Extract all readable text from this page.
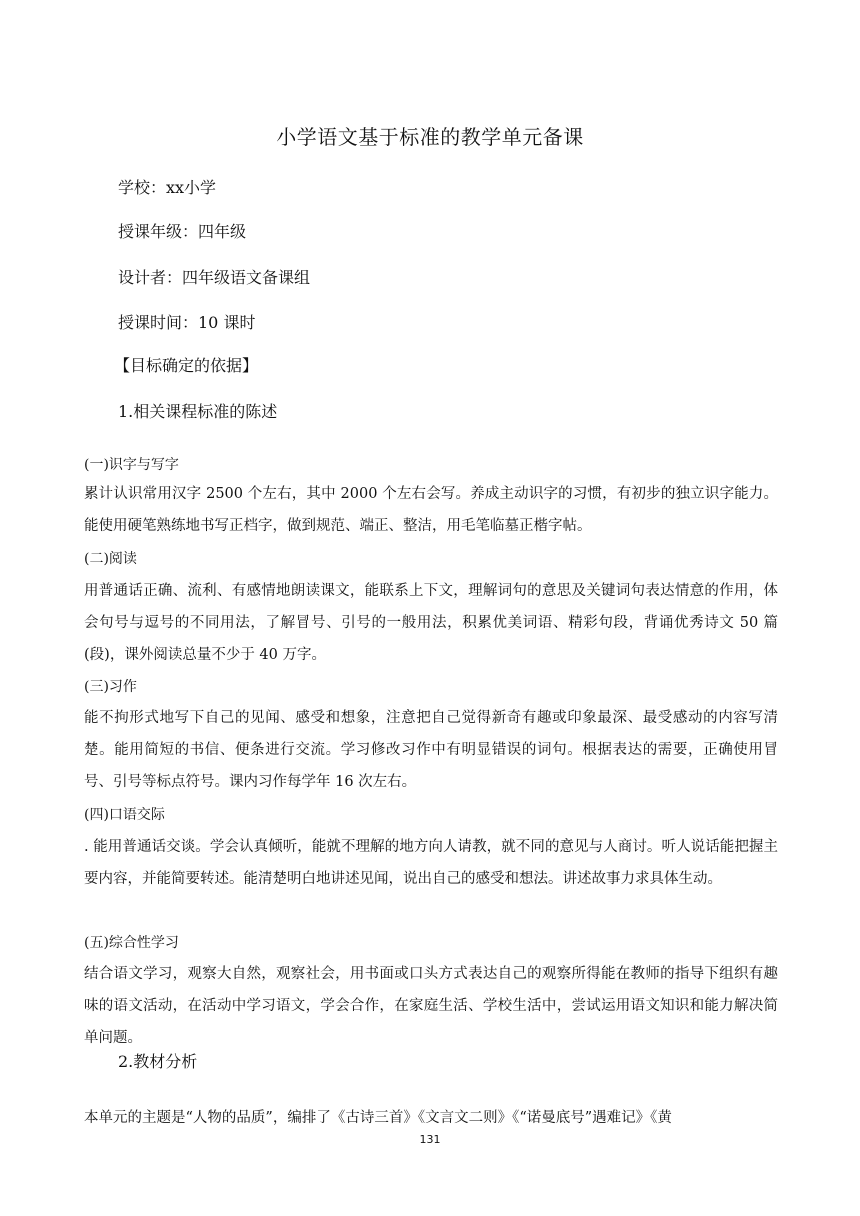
小学语文基于标准的教学单元备课
学校：xx小学
授课年级：四年级
设计者：四年级语文备课组
授课时间：10 课时
【目标确定的依据】
1.相关课程标准的陈述
(一)识字与写字
累计认识常用汉字 2500 个左右，其中 2000 个左右会写。养成主动识字的习惯，有初步的独立识字能力。能使用硬笔熟练地书写正档字，做到规范、端正、整洁，用毛笔临墓正楷字帖。
(二)阅读
用普通话正确、流利、有感情地朗读课文，能联系上下文，理解词句的意思及关键词句表达情意的作用，体会句号与逗号的不同用法，了解冒号、引号的一般用法，积累优美词语、精彩句段，背诵优秀诗文 50 篇(段)，课外阅读总量不少于 40 万字。
(三)习作
能不拘形式地写下自己的见闻、感受和想象，注意把自己觉得新奇有趣或印象最深、最受感动的内容写清楚。能用简短的书信、便条进行交流。学习修改习作中有明显错误的词句。根据表达的需要，正确使用冒号、引号等标点符号。课内习作每学年 16 次左右。
(四)口语交际
. 能用普通话交谈。学会认真倾听，能就不理解的地方向人请教，就不同的意见与人商讨。听人说话能把握主要内容，并能简要转述。能清楚明白地讲述见闻，说出自己的感受和想法。讲述故事力求具体生动。
(五)综合性学习
结合语文学习，观察大自然，观察社会，用书面或口头方式表达自己的观察所得能在教师的指导下组织有趣味的语文活动，在活动中学习语文，学会合作，在家庭生活、学校生活中，尝试运用语文知识和能力解决简单问题。
2.教材分析
本单元的主题是“人物的品质”，编排了《古诗三首》《文言文二则》《“诺曼底号”遇难记》《黄
131
